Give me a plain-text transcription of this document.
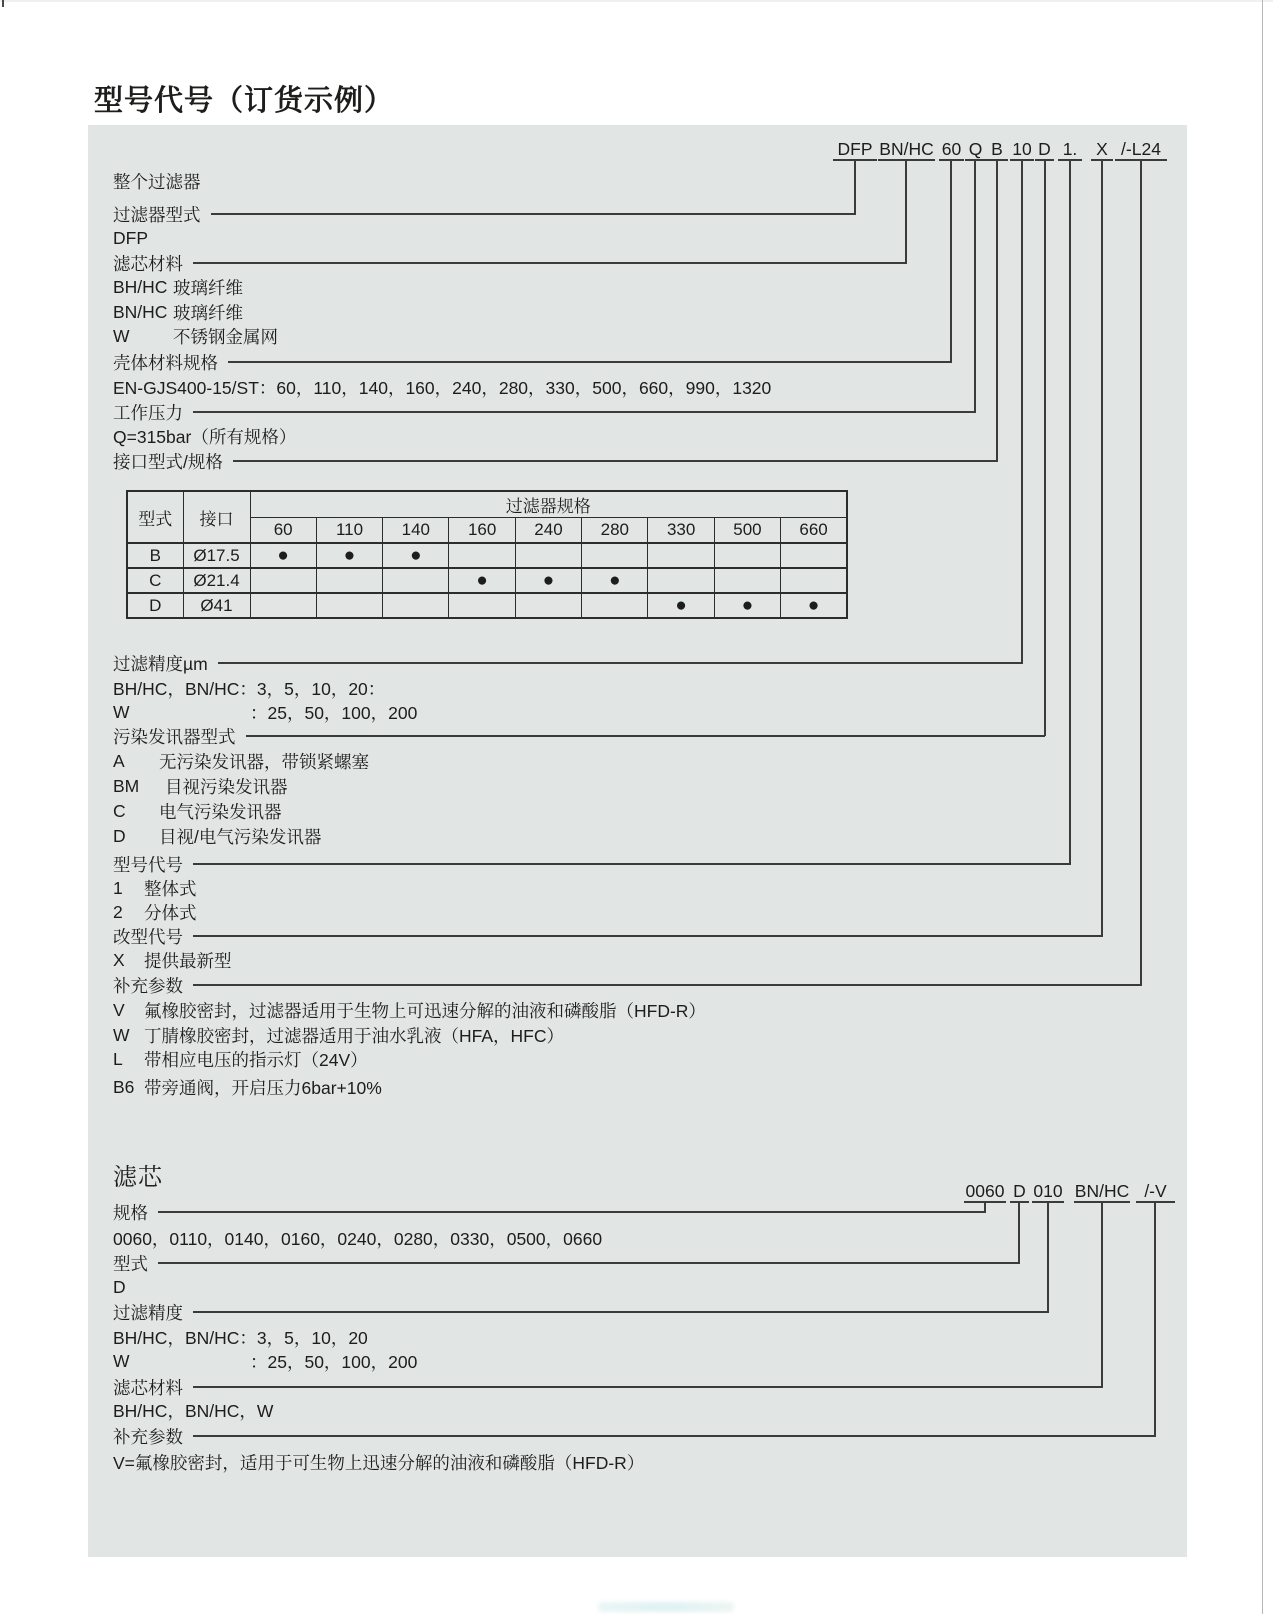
型号代号（订货示例）
DFP BN/HC 60 Q B 10 D 1. X /-L24
整个过滤器
过滤器型式
DFP
滤芯材料
BH/HC 玻璃纤维
BN/HC 玻璃纤维
W	不锈钢金属网
壳体材料规格
EN-GJS400-15/ST：60，110，140，160，240，280，330，500，660，990，1320
工作压力
Q=315bar（所有规格）
接口型式/规格
型式	接口	过滤器规格								
		60	110	140	160	240	280	330	500	660
B	Ø17.5	●	●	●						
C	Ø21.4				●	●	●			
D	Ø41							●	●	●
过滤精度µm
BH/HC，BN/HC：3，5，10，20：
W	：25，50，100，200
污染发讯器型式
A	无污染发讯器，带锁紧螺塞
BM	目视污染发讯器
C	电气污染发讯器
D	目视/电气污染发讯器
型号代号
1	整体式
2	分体式
改型代号
X	提供最新型
补充参数
V	氟橡胶密封，过滤器适用于生物上可迅速分解的油液和磷酸脂（HFD-R）
W 丁腈橡胶密封，过滤器适用于油水乳液（HFA，HFC）
L	带相应电压的指示灯（24V）
B6 带旁通阀，开启压力6bar+10%
滤芯	0060 D 010 BN/HC /-V
规格
0060，0110，0140，0160，0240，0280，0330，0500，0660
型式
D
过滤精度
BH/HC，BN/HC：3，5，10，20
W	：25，50，100，200
滤芯材料
BH/HC，BN/HC，W
补充参数
V=氟橡胶密封，适用于可生物上迅速分解的油液和磷酸脂（HFD-R）
